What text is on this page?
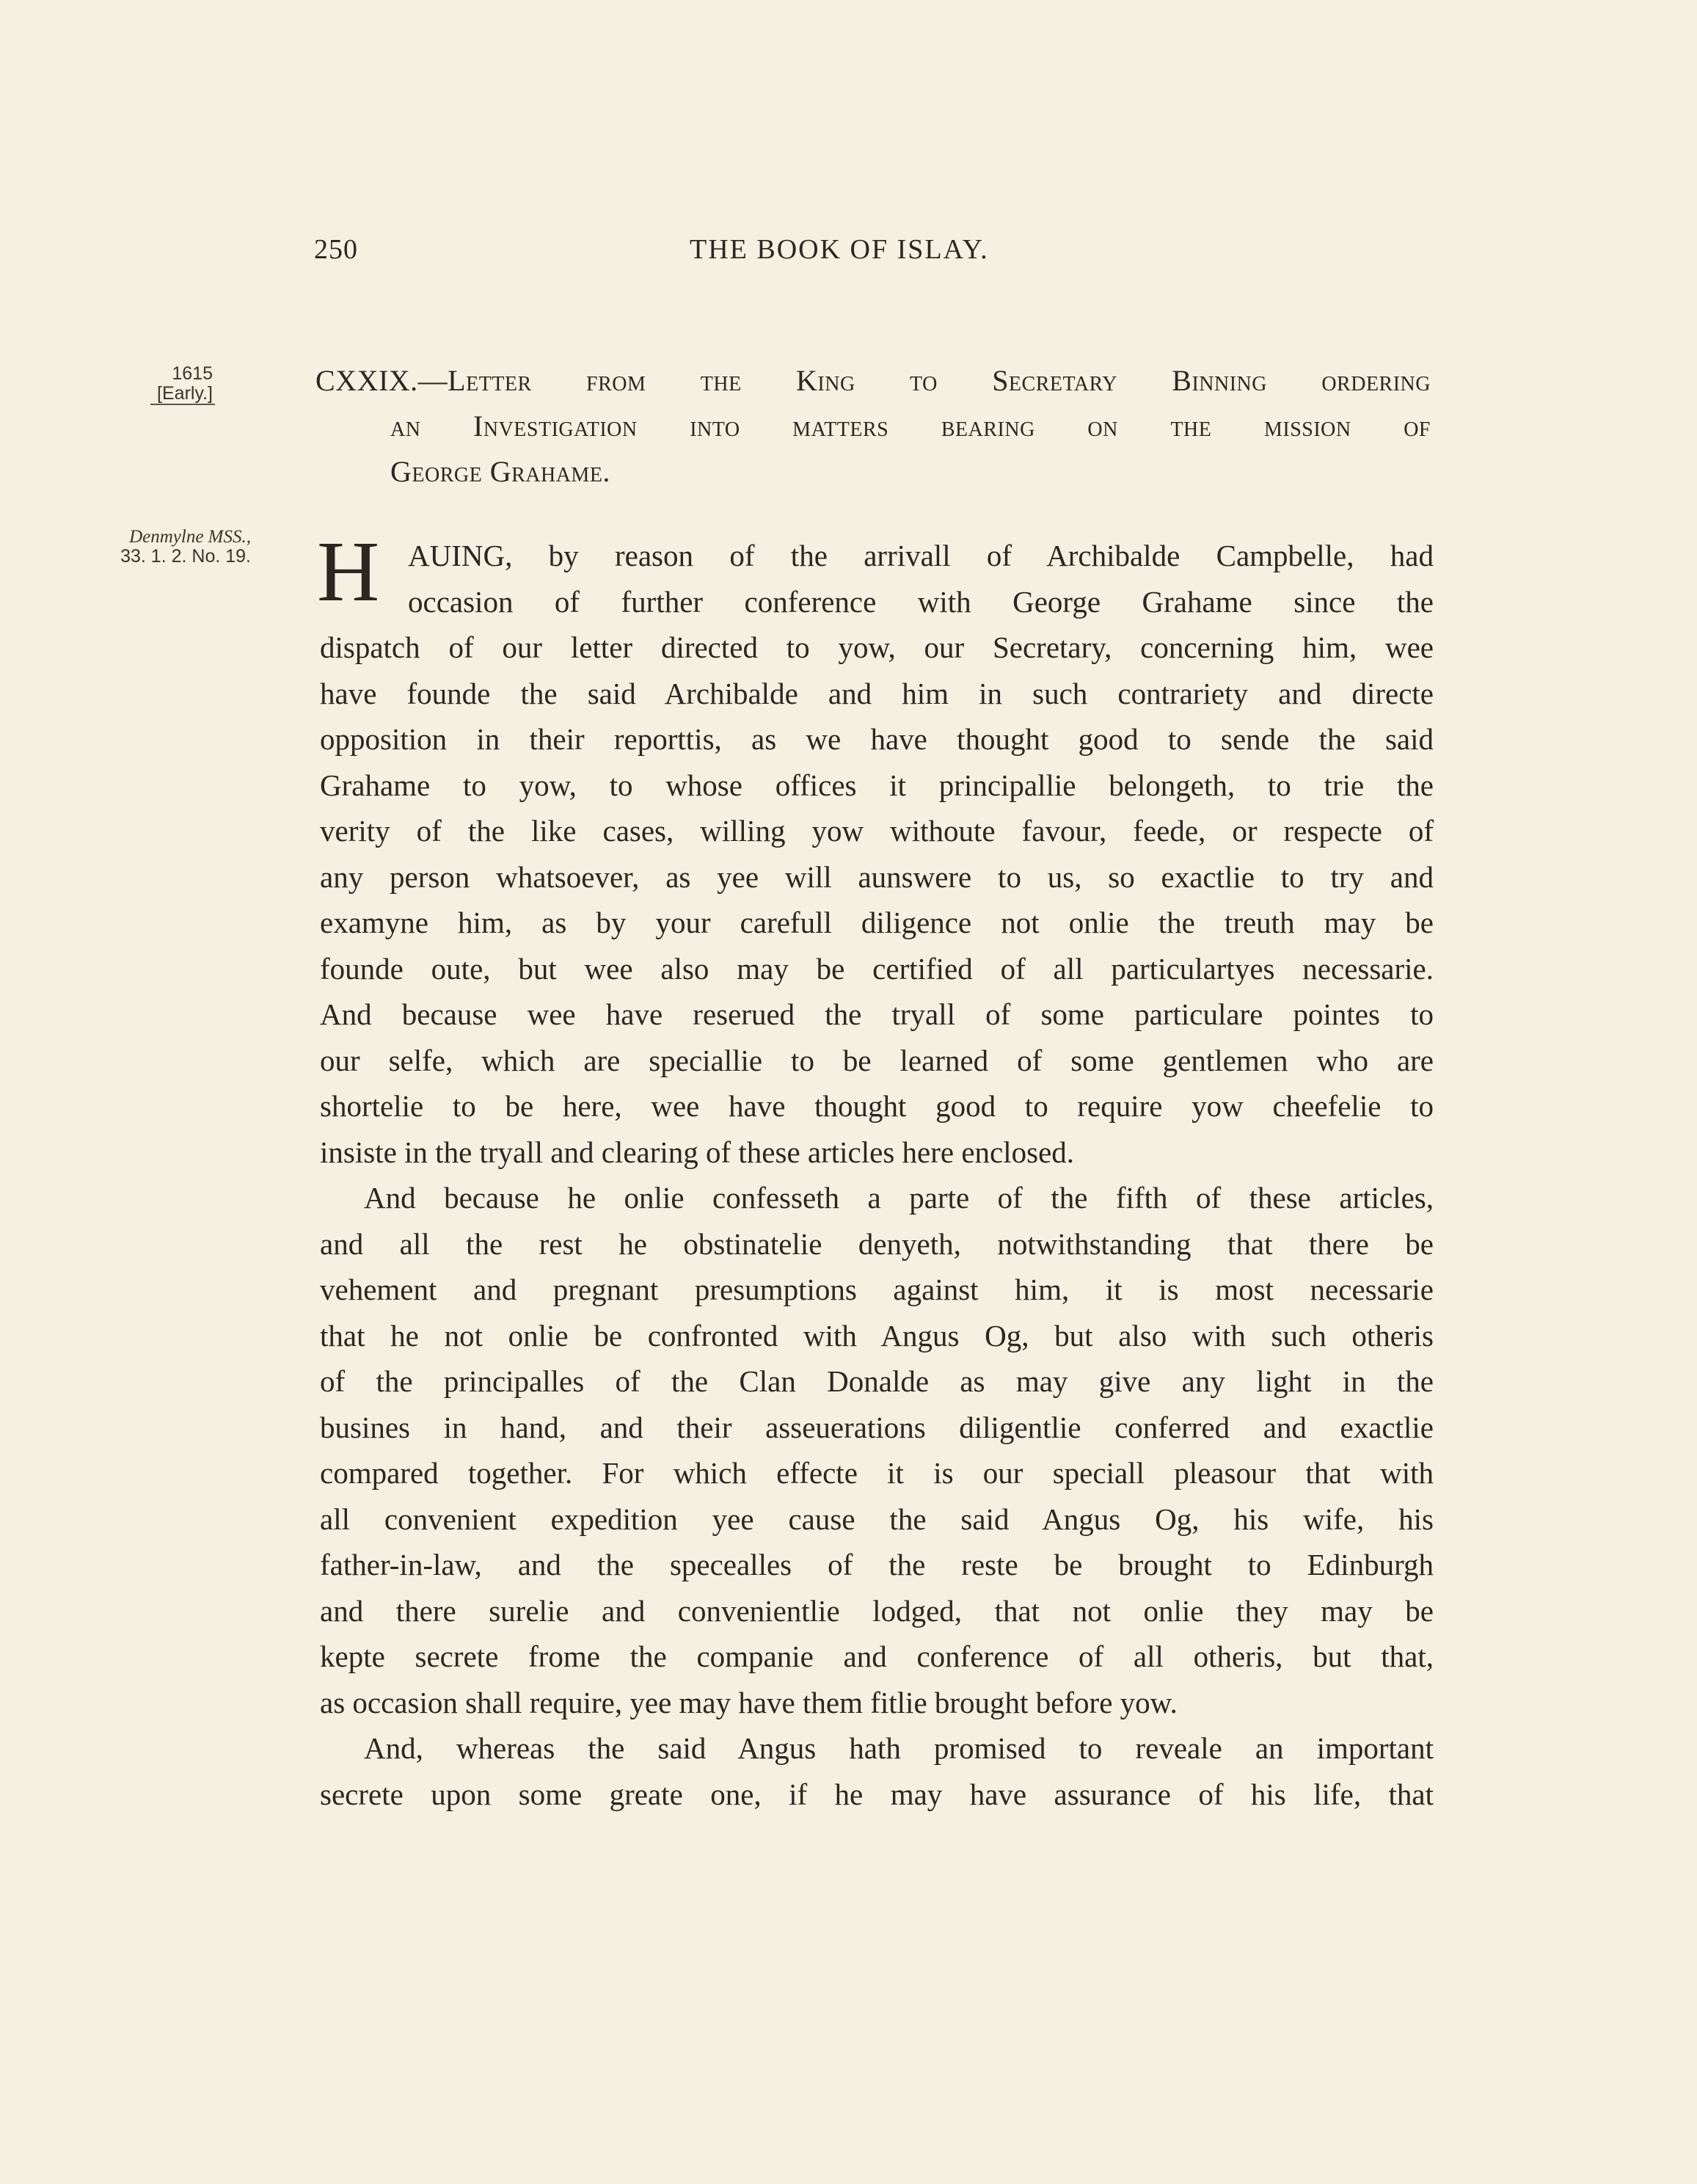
250	THE BOOK OF ISLAY.
1615
[Early.]
Denmylne MSS.,
33. 1. 2. No. 19.
CXXIX.—Letter from the King to Secretary Binning ordering
an Investigation into matters bearing on the mission of
George Grahame.
H AUING, by reason of the arrivall of Archibalde Campbelle, had
occasion of further conference with George Grahame since the
dispatch of our letter directed to yow, our Secretary, concerning him, wee
have founde the said Archibalde and him in such contrariety and directe
opposition in their reporttis, as we have thought good to sende the said
Grahame to yow, to whose offices it principallie belongeth, to trie the
verity of the like cases, willing yow withoute favour, feede, or respecte of
any person whatsoever, as yee will aunswere to us, so exactlie to try and
examyne him, as by your carefull diligence not onlie the treuth may be
founde oute, but wee also may be certified of all particulartyes necessarie.
And because wee have reserued the tryall of some particulare pointes to
our selfe, which are speciallie to be learned of some gentlemen who are
shortelie to be here, wee have thought good to require yow cheefelie to
insiste in the tryall and clearing of these articles here enclosed.
And because he onlie confesseth a parte of the fifth of these articles,
and all the rest he obstinatelie denyeth, notwithstanding that there be
vehement and pregnant presumptions against him, it is most necessarie
that he not onlie be confronted with Angus Og, but also with such otheris
of the principalles of the Clan Donalde as may give any light in the
busines in hand, and their asseuerations diligentlie conferred and exactlie
compared together. For which effecte it is our speciall pleasour that with
all convenient expedition yee cause the said Angus Og, his wife, his
father-in-law, and the specealles of the reste be brought to Edinburgh
and there surelie and convenientlie lodged, that not onlie they may be
kepte secrete frome the companie and conference of all otheris, but that,
as occasion shall require, yee may have them fitlie brought before yow.
And, whereas the said Angus hath promised to reveale an important
secrete upon some greate one, if he may have assurance of his life, that
